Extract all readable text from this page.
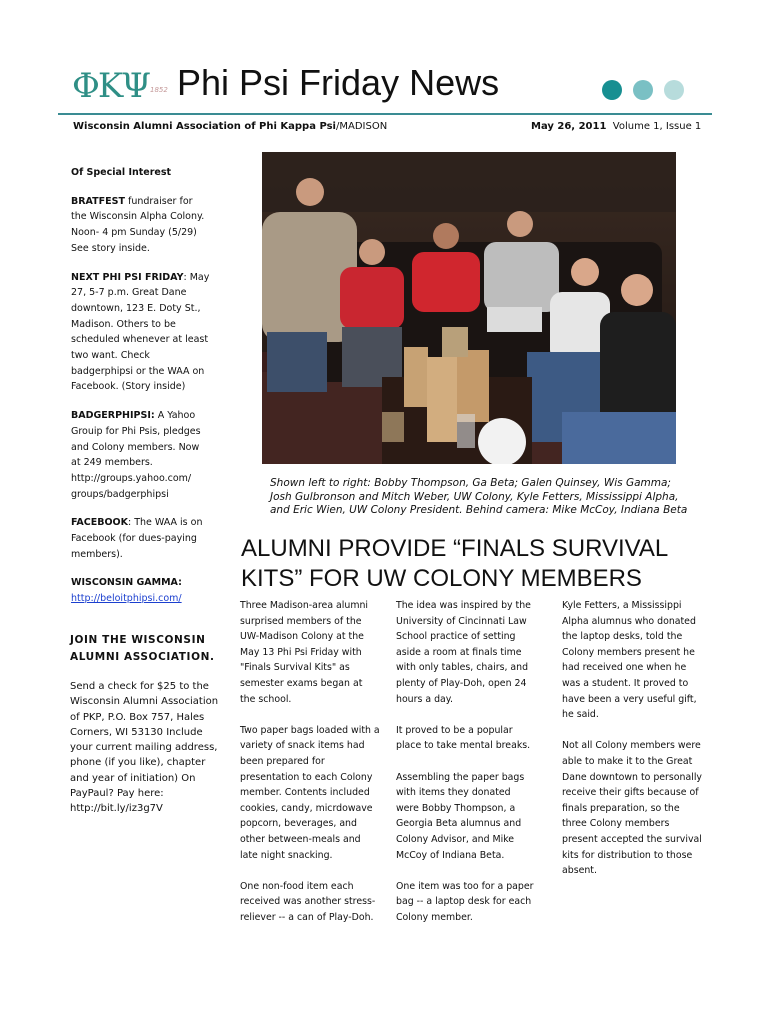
ΦΚΨ 1852 Phi Psi Friday News
Wisconsin Alumni Association of Phi Kappa Psi/MADISON	May 26, 2011 Volume 1, Issue 1

Of Special Interest

BRATFEST fundraiser for the Wisconsin Alpha Colony. Noon- 4 pm Sunday (5/29) See story inside.

NEXT PHI PSI FRIDAY: May 27, 5-7 p.m. Great Dane downtown, 123 E. Doty St., Madison. Others to be scheduled whenever at least two want. Check badgerphipsi or the WAA on Facebook. (Story inside)

BADGERPHIPSI: A Yahoo Grouip for Phi Psis, pledges and Colony members. Now at 249 members. http://groups.yahoo.com/ groups/badgerphipsi

FACEBOOK: The WAA is on Facebook (for dues-paying members).

WISCONSIN GAMMA:
http://beloitphipsi.com/

JOIN THE WISCONSIN ALUMNI ASSOCIATION.
Send a check for $25 to the Wisconsin Alumni Association of PKP, P.O. Box 757, Hales Corners, WI 53130 Include your current mailing address, phone (if you like), chapter and year of initiation) On PayPaul? Pay here: http://bit.ly/iz3g7V
Shown left to right: Bobby Thompson, Ga Beta; Galen Quinsey, Wis Gamma; Josh Gulbronson and Mitch Weber, UW Colony, Kyle Fetters, Mississippi Alpha, and Eric Wien, UW Colony President. Behind camera: Mike McCoy, Indiana Beta
ALUMNI PROVIDE “FINALS SURVIVAL KITS” FOR UW COLONY MEMBERS

Three Madison-area alumni surprised members of the UW-Madison Colony at the May 13 Phi Psi Friday with "Finals Survival Kits" as semester exams began at the school.

Two paper bags loaded with a variety of snack items had been prepared for presentation to each Colony member. Contents included cookies, candy, micrdowave popcorn, beverages, and other between-meals and late night snacking.

One non-food item each received was another stress-reliever -- a can of Play-Doh.

The idea was inspired by the University of Cincinnati Law School practice of setting aside a room at finals time with only tables, chairs, and plenty of Play-Doh, open 24 hours a day.

It proved to be a popular place to take mental breaks.

Assembling the paper bags with items they donated were Bobby Thompson, a Georgia Beta alumnus and Colony Advisor, and Mike McCoy of Indiana Beta.

One item was too for a paper bag -- a laptop desk for each Colony member.

Kyle Fetters, a Mississippi Alpha alumnus who donated the laptop desks, told the Colony members present he had received one when he was a student. It proved to have been a very useful gift, he said.

Not all Colony members were able to make it to the Great Dane downtown to personally receive their gifts because of finals preparation, so the three Colony members present accepted the survival kits for distribution to those absent.
